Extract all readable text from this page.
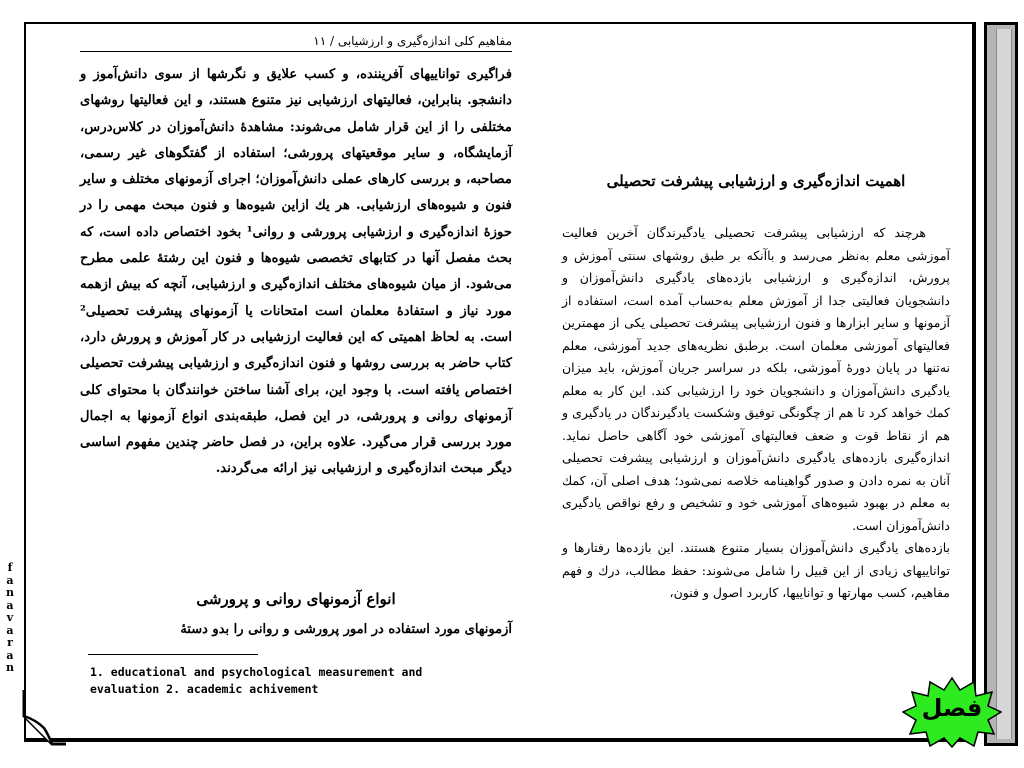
مفاهیم کلی اندازه‌گیری و ارزشیابی / ۱۱

فراگیری تواناییهای آفریننده، و کسب علایق و نگرشها از سوی دانش‌آموز و دانشجو. بنابراین، فعالیتهای ارزشیابی نیز متنوع هستند، و این فعالیتها روشهای مختلفی را از این قرار شامل می‌شوند: مشاهدهٔ دانش‌آموزان در کلاس‌درس، آزمایشگاه، و سایر موقعیتهای پرورشی؛ استفاده از گفتگوهای غیر رسمی، مصاحبه، و بررسی کارهای عملی دانش‌آموزان؛ اجرای آزمونهای مختلف و سایر فنون و شیوه‌های ارزشیابی. هر یك ازاین شیوه‌ها و فنون مبحث مهمی را در حوزهٔ اندازه‌گیری و ارزشیابی پرورشی و روانی¹ بخود اختصاص داده است، که بحث مفصل آنها در کتابهای تخصصی شیوه‌ها و فنون این رشتهٔ علمی مطرح می‌شود. از میان شیوه‌های مختلف اندازه‌گیری و ارزشیابی، آنچه که بیش ازهمه مورد نیاز و استفادهٔ معلمان است امتحانات یا آزمونهای پیشرفت تحصیلی² است. به لحاظ اهمیتی که این فعالیت ارزشیابی در کار آموزش و پرورش دارد، کتاب حاضر به بررسی روشها و فنون اندازه‌گیری و ارزشیابی پیشرفت تحصیلی اختصاص یافته است. با وجود این، برای آشنا ساختن خوانندگان با محتوای کلی آزمونهای روانی و پرورشی، در این فصل، طبقه‌بندی انواع آزمونها به اجمال مورد بررسی قرار می‌گیرد. علاوه براین، در فصل حاضر چندین مفهوم اساسی دیگر مبحث اندازه‌گیری و ارزشیابی نیز ارائه می‌گردند.

انواع آزمونهای روانی و پرورشی

آزمونهای مورد استفاده در امور پرورشی و روانی را بدو دستهٔ
1. educational and psychological measurement and
evaluation 2. academic achivement

اهمیت اندازه‌گیری و ارزشیابی پیشرفت تحصیلی

هرچند که ارزشیابی پیشرفت تحصیلی یادگیرندگان آخرین فعالیت آموزشی معلم به‌نظر می‌رسد و باآنکه بر طبق روشهای سنتی آموزش و پرورش، اندازه‌گیری و ارزشیابی بازده‌های یادگیری دانش‌آموزان و دانشجویان فعالیتی جدا از آموزش معلم به‌حساب آمده است، استفاده از آزمونها و سایر ابزارها و فنون ارزشیابی پیشرفت تحصیلی یکی از مهمترین فعالیتهای آموزشی معلمان است. برطبق نظریه‌های جدید آموزشی، معلم نه‌تنها در پایان دورهٔ آموزشی، بلکه در سراسر جریان آموزش، باید میزان یادگیری دانش‌آموزان و دانشجویان خود را ارزشیابی کند. این کار به معلم کمك خواهد کرد تا هم از چگونگی توفیق وشکست یادگیرندگان در یادگیری و هم از نقاط قوت و ضعف فعالیتهای آموزشی خود آگاهی حاصل نماید. اندازه‌گیری بازده‌های یادگیری دانش‌آموزان و ارزشیابی پیشرفت تحصیلی آنان به نمره دادن و صدور گواهینامه خلاصه نمی‌شود؛ هدف اصلی آن، کمك به معلم در بهبود شیوه‌های آموزشی خود و تشخیص و رفع نواقص یادگیری دانش‌آموزان است.

بازده‌های یادگیری دانش‌آموزان بسیار متنوع هستند. این بازده‌ها رفتارها و تواناییهای زیادی از این قبیل را شامل می‌شوند: حفظ مطالب، درك و فهم مفاهیم، کسب مهارتها و تواناییها، کاربرد اصول و فنون،

f
a
n
a
v
a
r
a
n
فصل
